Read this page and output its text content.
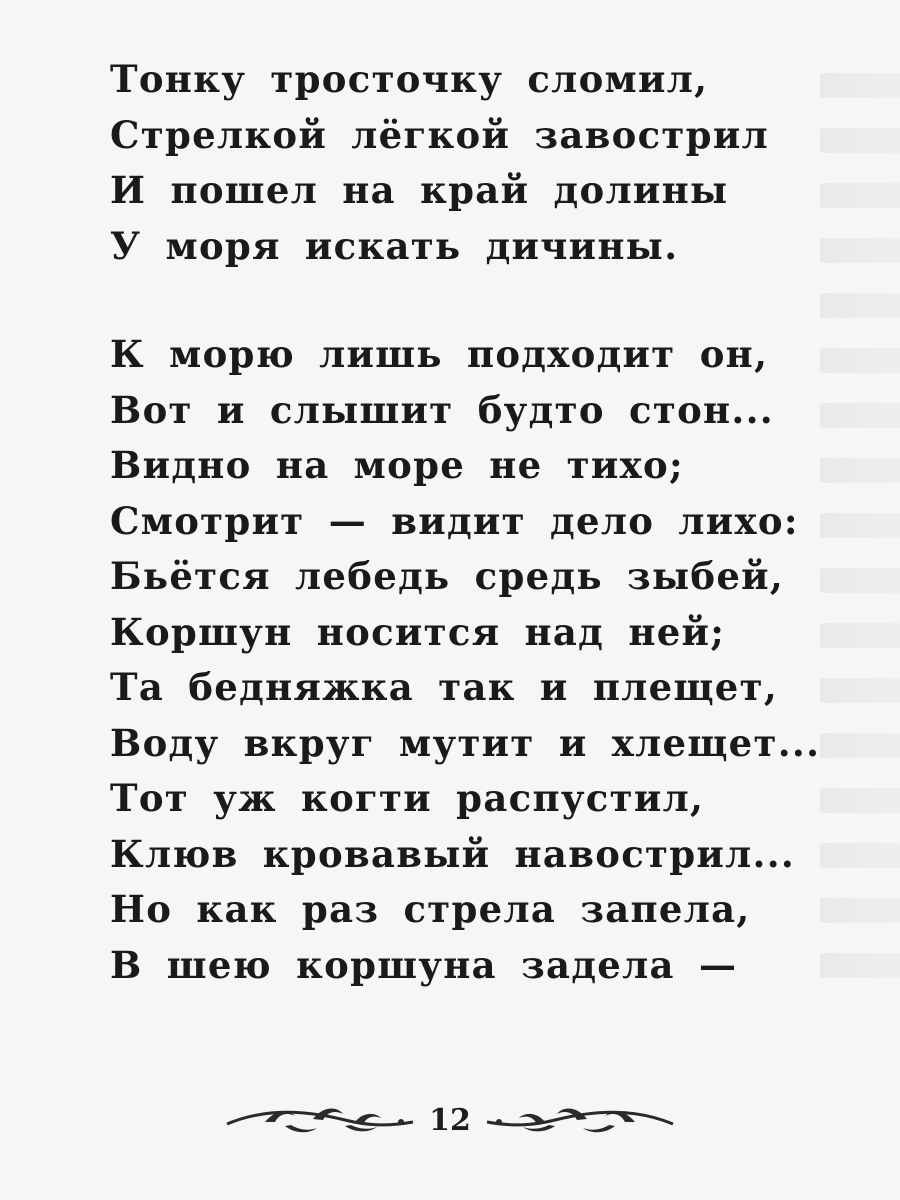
Тонку тросточку сломил,
Стрелкой лёгкой завострил
И пошел на край долины
У моря искать дичины.
К морю лишь подходит он,
Вот и слышит будто стон...
Видно на море не тихо;
Смотрит — видит дело лихо:
Бьётся лебедь средь зыбей,
Коршун носится над ней;
Та бедняжка так и плещет,
Воду вкруг мутит и хлещет...
Тот уж когти распустил,
Клюв кровавый навострил...
Но как раз стрела запела,
В шею коршуна задела —
12
